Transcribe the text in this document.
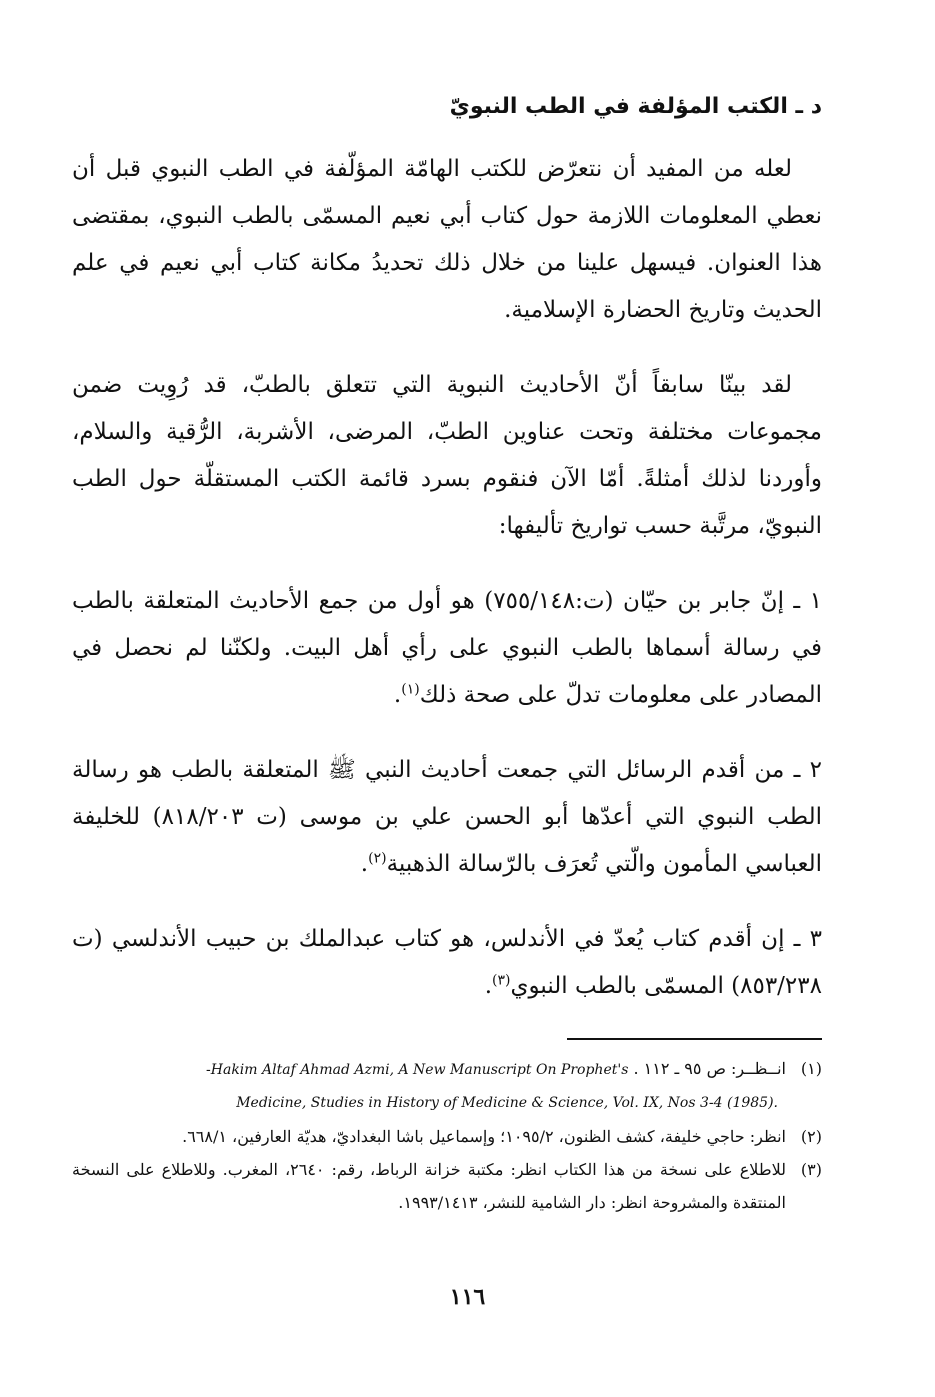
د ـ الكتب المؤلفة في الطب النبويّ

لعله من المفيد أن نتعرّض للكتب الهامّة المؤلّفة في الطب النبوي قبل أن نعطي المعلومات اللازمة حول كتاب أبي نعيم المسمّى بالطب النبوي، بمقتضى هذا العنوان. فيسهل علينا من خلال ذلك تحديدُ مكانة كتاب أبي نعيم في علم الحديث وتاريخ الحضارة الإسلامية.

لقد بينّا سابقاً أنّ الأحاديث النبوية التي تتعلق بالطبّ، قد رُوِيت ضمن مجموعات مختلفة وتحت عناوين الطبّ، المرضى، الأشربة، الرُّقية والسلام، وأوردنا لذلك أمثلةً. أمّا الآن فنقوم بسرد قائمة الكتب المستقلّة حول الطب النبويّ، مرتَّبة حسب تواريخ تأليفها:

١ ـ إنّ جابر بن حيّان (ت:٧٥٥/١٤٨) هو أول من جمع الأحاديث المتعلقة بالطب في رسالة أسماها بالطب النبوي على رأي أهل البيت. ولكنّنا لم نحصل في المصادر على معلومات تدلّ على صحة ذلك$^{(١)}$.

٢ ـ من أقدم الرسائل التي جمعت أحاديث النبي ﷺ المتعلقة بالطب هو رسالة الطب النبوي التي أعدّها أبو الحسن علي بن موسى (ت ٨١٨/٢٠٣) للخليفة العباسي المأمون والّتي تُعرَف بالرّسالة الذهبية$^{(٢)}$.

٣ ـ إن أقدم كتاب يُعدّ في الأندلس، هو كتاب عبدالملك بن حبيب الأندلسي (ت ٨٥٣/٢٣٨) المسمّى بالطب النبوي$^{(٣)}$.

(١)
انــظــر: ص ٩٥ ـ ١١٢ . -Hakim Altaf Ahmad Azmi, A New Manuscript On Prophet's
Medicine, Studies in History of Medicine & Science, Vol. IX, Nos 3-4 (1985).
(٢)
انظر: حاجي خليفة، كشف الظنون، ١٠٩٥/٢؛ وإسماعيل باشا البغداديّ، هديّة العارفين، ٦٦٨/١.
(٣)
للاطلاع على نسخة من هذا الكتاب انظر: مكتبة خزانة الرباط، رقم: ٢٦٤٠، المغرب. وللاطلاع على النسخة المنتقدة والمشروحة انظر: دار الشامية للنشر، ١٩٩٣/١٤١٣.
١١٦
